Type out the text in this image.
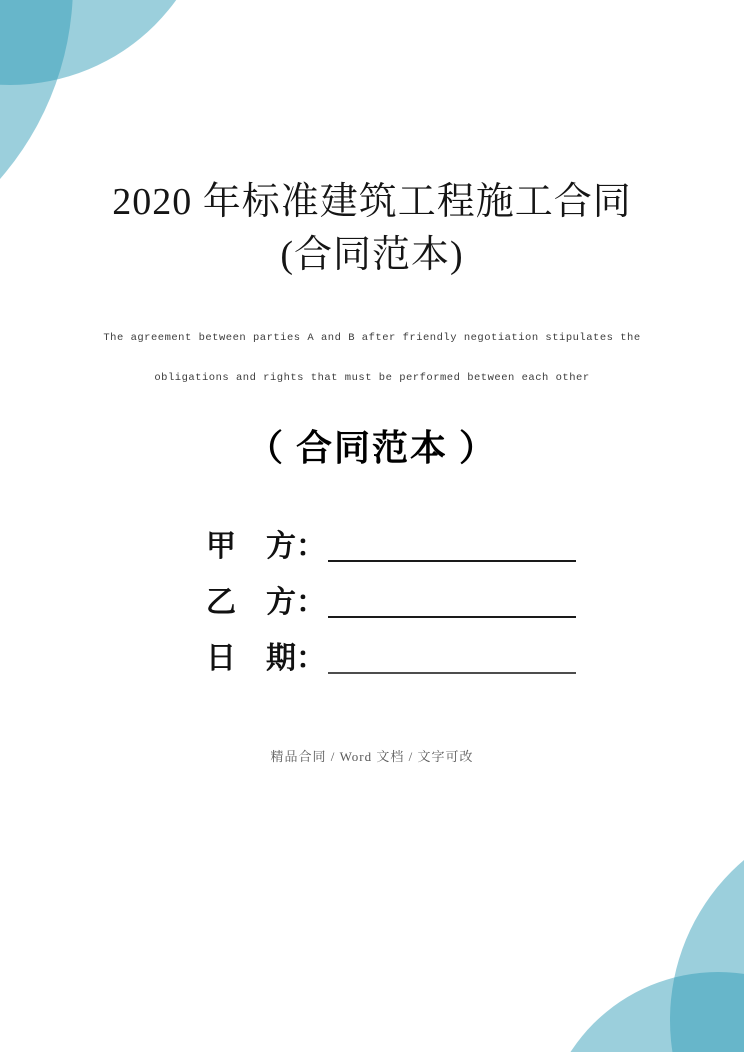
2020 年标准建筑工程施工合同
(合同范本)
The agreement between parties A and B after friendly negotiation stipulates the
obligations and rights that must be performed between each other
（ 合同范本 ）
甲　方：
乙　方：
日　期：
精品合同 / Word 文档 / 文字可改
